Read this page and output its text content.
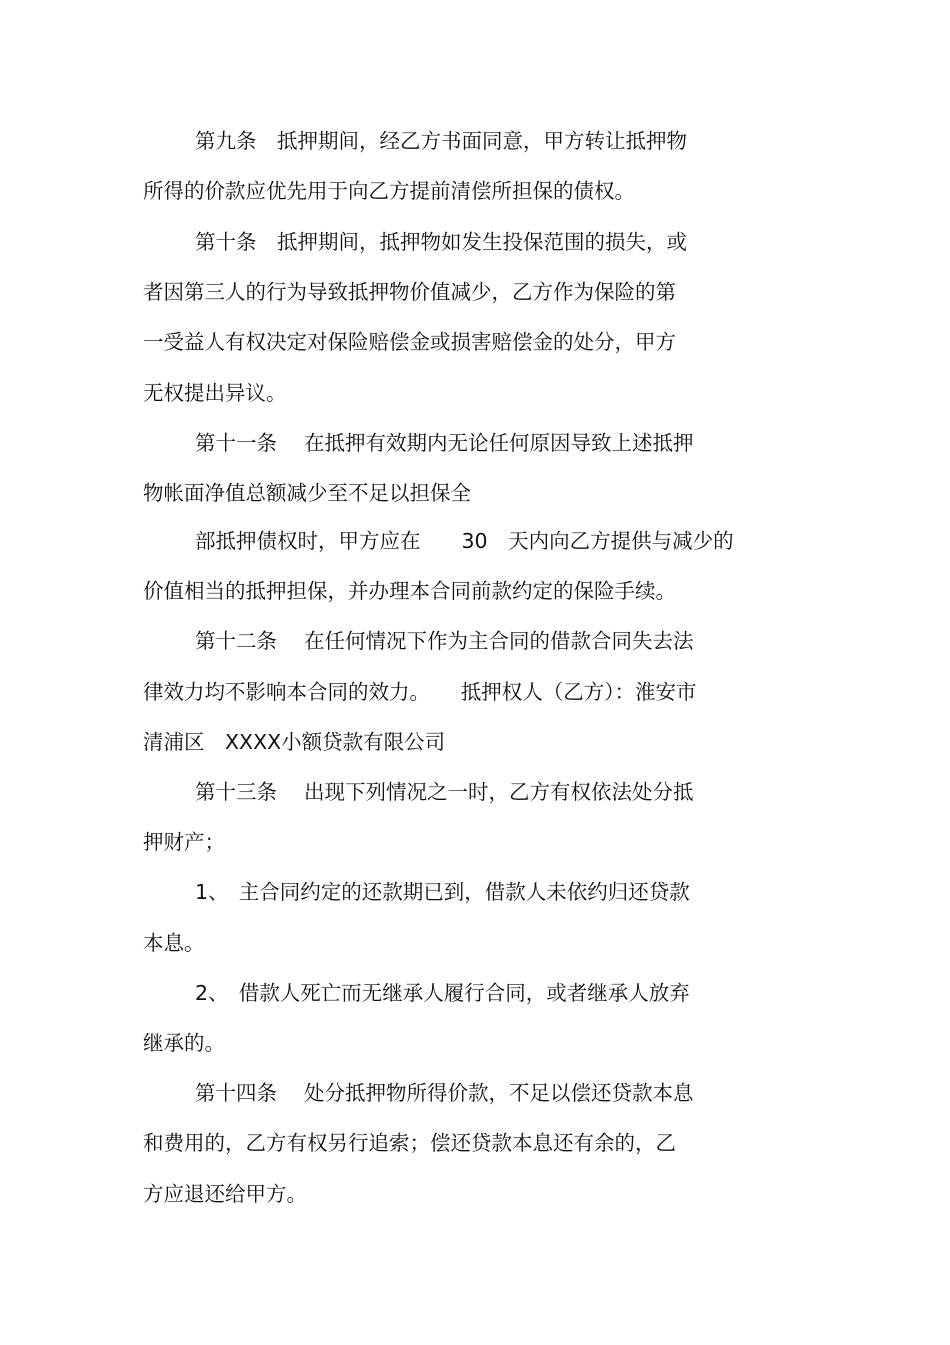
第九条　抵押期间，经乙方书面同意，甲方转让抵押物
所得的价款应优先用于向乙方提前清偿所担保的债权。
第十条　抵押期间，抵押物如发生投保范围的损失，或
者因第三人的行为导致抵押物价值减少，乙方作为保险的第
一受益人有权决定对保险赔偿金或损害赔偿金的处分，甲方
无权提出异议。
第十一条　 在抵押有效期内无论任何原因导致上述抵押
物帐面净值总额减少至不足以担保全
部抵押债权时，甲方应在　　30　天内向乙方提供与减少的
价值相当的抵押担保，并办理本合同前款约定的保险手续。
第十二条　 在任何情况下作为主合同的借款合同失去法
律效力均不影响本合同的效力。　　抵押权人（乙方）：淮安市
清浦区　XXXX小额贷款有限公司
第十三条　 出现下列情况之一时，乙方有权依法处分抵
押财产；
1、　主合同约定的还款期已到，借款人未依约归还贷款
本息。
2、　借款人死亡而无继承人履行合同，或者继承人放弃
继承的。
第十四条　 处分抵押物所得价款，不足以偿还贷款本息
和费用的，乙方有权另行追索；偿还贷款本息还有余的，乙
方应退还给甲方。
